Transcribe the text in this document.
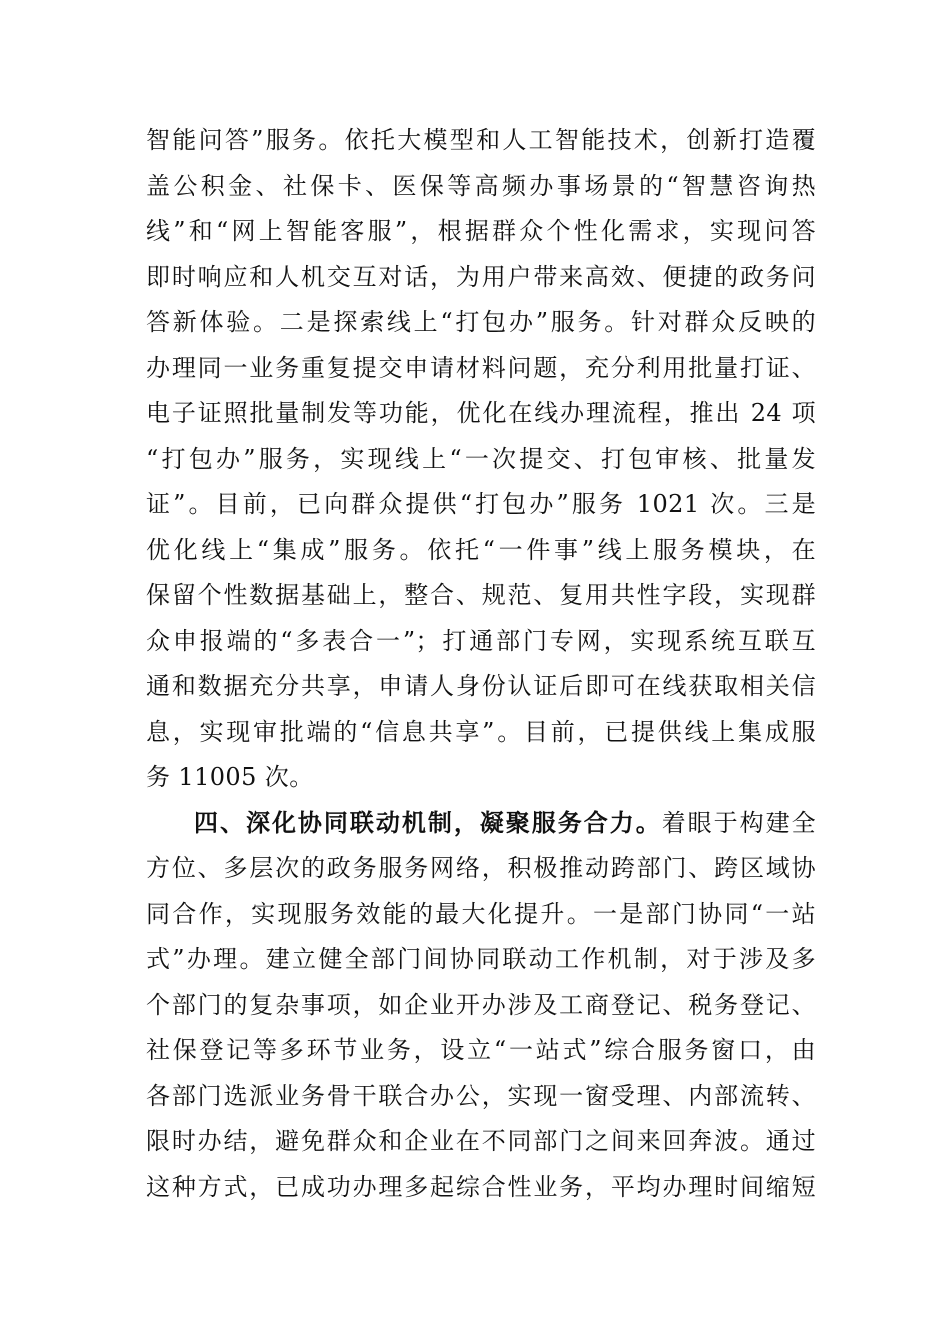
智能问答”服务。依托大模型和人工智能技术，创新打造覆
盖公积金、社保卡、医保等高频办事场景的“智慧咨询热
线”和“网上智能客服”，根据群众个性化需求，实现问答
即时响应和人机交互对话，为用户带来高效、便捷的政务问
答新体验。二是探索线上“打包办”服务。针对群众反映的
办理同一业务重复提交申请材料问题，充分利用批量打证、
电子证照批量制发等功能，优化在线办理流程，推出 24 项
“打包办”服务，实现线上“一次提交、打包审核、批量发
证”。目前，已向群众提供“打包办”服务 1021 次。三是
优化线上“集成”服务。依托“一件事”线上服务模块，在
保留个性数据基础上，整合、规范、复用共性字段，实现群
众申报端的“多表合一”；打通部门专网，实现系统互联互
通和数据充分共享，申请人身份认证后即可在线获取相关信
息，实现审批端的“信息共享”。目前，已提供线上集成服
务 11005 次。
四、深化协同联动机制，凝聚服务合力。着眼于构建全
方位、多层次的政务服务网络，积极推动跨部门、跨区域协
同合作，实现服务效能的最大化提升。一是部门协同“一站
式”办理。建立健全部门间协同联动工作机制，对于涉及多
个部门的复杂事项，如企业开办涉及工商登记、税务登记、
社保登记等多环节业务，设立“一站式”综合服务窗口，由
各部门选派业务骨干联合办公，实现一窗受理、内部流转、
限时办结，避免群众和企业在不同部门之间来回奔波。通过
这种方式，已成功办理多起综合性业务，平均办理时间缩短
